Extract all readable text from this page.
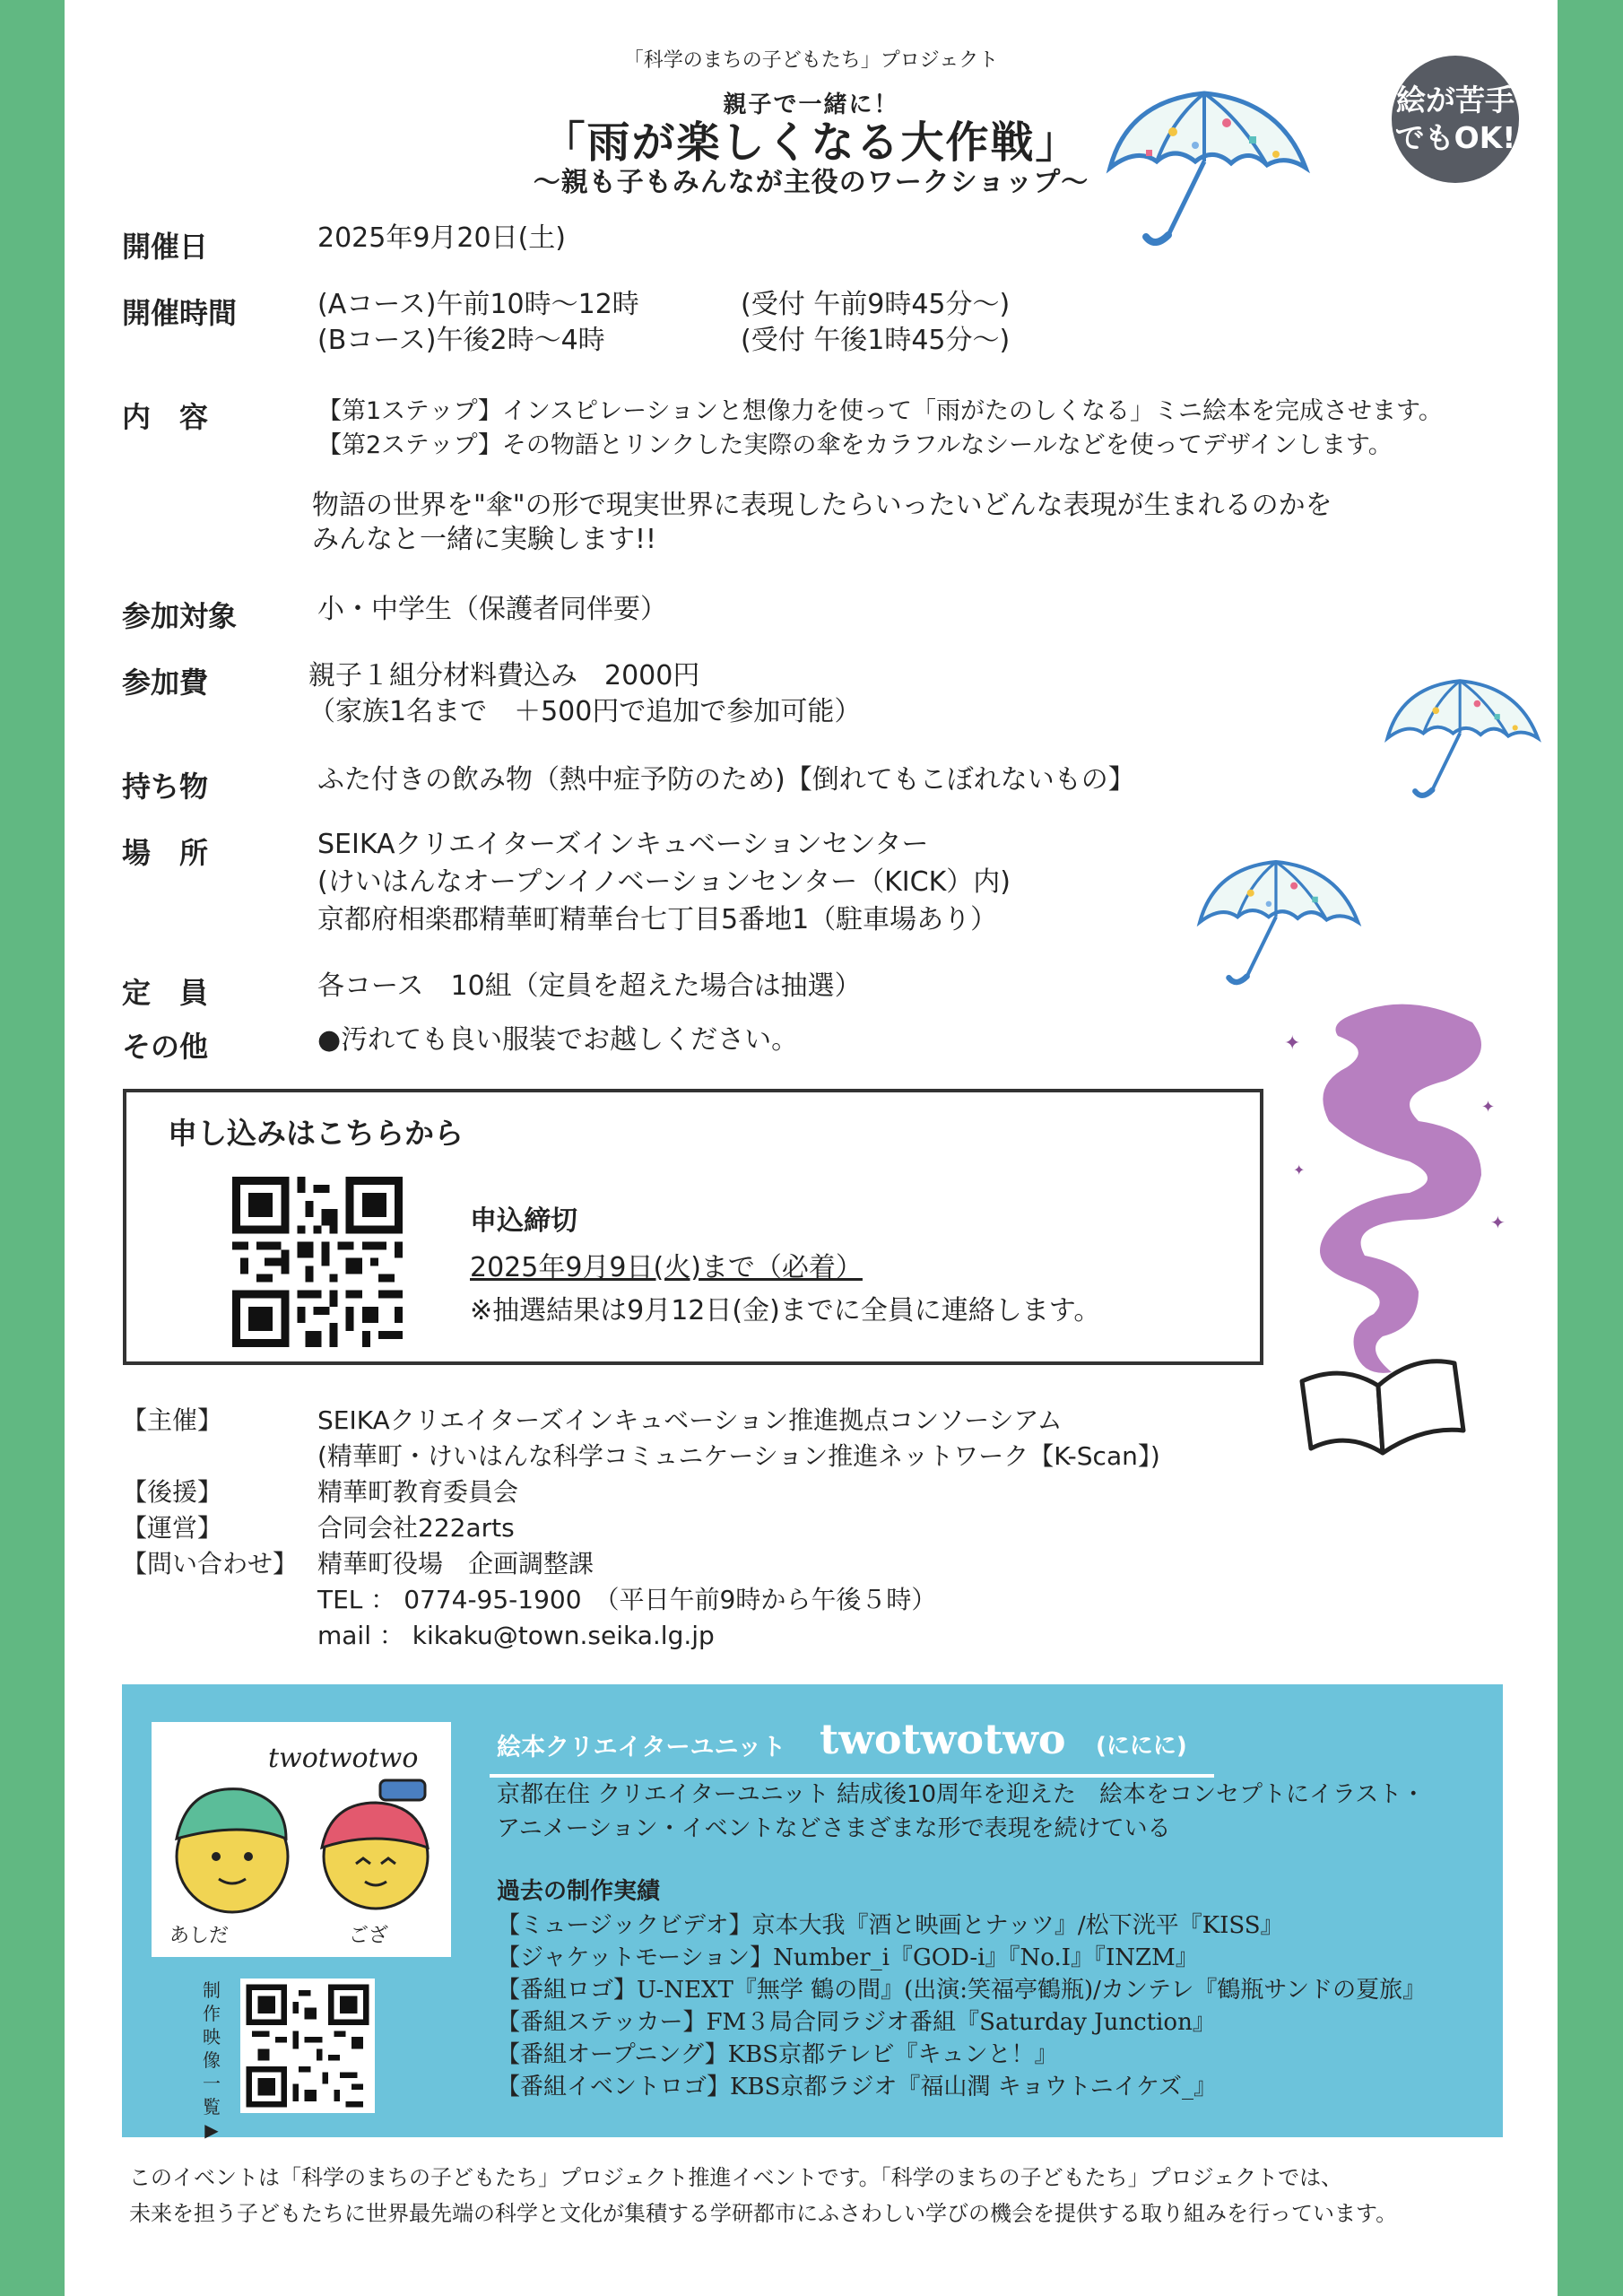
「科学のまちの子どもたち」プロジェクト
親子で一緒に！
「雨が楽しくなる大作戦」
〜親も子もみんなが主役のワークショップ〜
絵が苦手
でもOK!
✦
✦
✦
✦
開催日	2025年9月20日(土)
開催時間	(Aコース)午前10時～12時	(受付 午前9時45分～)
(Bコース)午後2時～4時	(受付 午後1時45分～)
内　容	【第1ステップ】インスピレーションと想像力を使って「雨がたのしくなる」ミニ絵本を完成させます。
【第2ステップ】その物語とリンクした実際の傘をカラフルなシールなどを使ってデザインします。
物語の世界を"傘"の形で現実世界に表現したらいったいどんな表現が生まれるのかを
みんなと一緒に実験します!!
参加対象	小・中学生（保護者同伴要）
参加費	親子１組分材料費込み　2000円
（家族1名まで　＋500円で追加で参加可能）
持ち物	ふた付きの飲み物（熱中症予防のため)【倒れてもこぼれないもの】
場　所	SEIKAクリエイターズインキュベーションセンター
(けいはんなオープンイノベーションセンター（KICK）内)
京都府相楽郡精華町精華台七丁目5番地1（駐車場あり）
定　員	各コース　10組（定員を超えた場合は抽選）
その他	●汚れても良い服装でお越しください。
申し込みはこちらから
申込締切
2025年9月9日(火)まで（必着）
※抽選結果は9月12日(金)までに全員に連絡します。
【主催】	SEIKAクリエイターズインキュベーション推進拠点コンソーシアム
(精華町・けいはんな科学コミュニケーション推進ネットワーク【K-Scan】)
【後援】	精華町教育委員会
【運営】	合同会社222arts
【問い合わせ】 精華町役場　企画調整課
TEL ： 0774-95-1900　（平日午前9時から午後５時）
mail ： kikaku@town.seika.lg.jp
twotwotwo
あしだ	ござ
絵本クリエイターユニット twotwotwo (ににに)
京都在住 クリエイターユニット 結成後10周年を迎えた　絵本をコンセプトにイラスト・
アニメーション・イベントなどさまざまな形で表現を続けている
過去の制作実績
【ミュージックビデオ】京本大我『酒と映画とナッツ』/松下洸平『KISS』
【ジャケットモーション】Number_i『GOD-i』『No.I』『INZM』
【番組ロゴ】U-NEXT『無学 鶴の間』(出演:笑福亭鶴瓶)/カンテレ『鶴瓶サンドの夏旅』
【番組ステッカー】FM３局合同ラジオ番組『Saturday Junction』
【番組オープニング】KBS京都テレビ『キュンと！』
【番組イベントロゴ】KBS京都ラジオ『福山潤 キョウトニイケズ_』
制作映像一覧▶
このイベントは「科学のまちの子どもたち」プロジェクト推進イベントです。「科学のまちの子どもたち」プロジェクトでは、
未来を担う子どもたちに世界最先端の科学と文化が集積する学研都市にふさわしい学びの機会を提供する取り組みを行っています。
